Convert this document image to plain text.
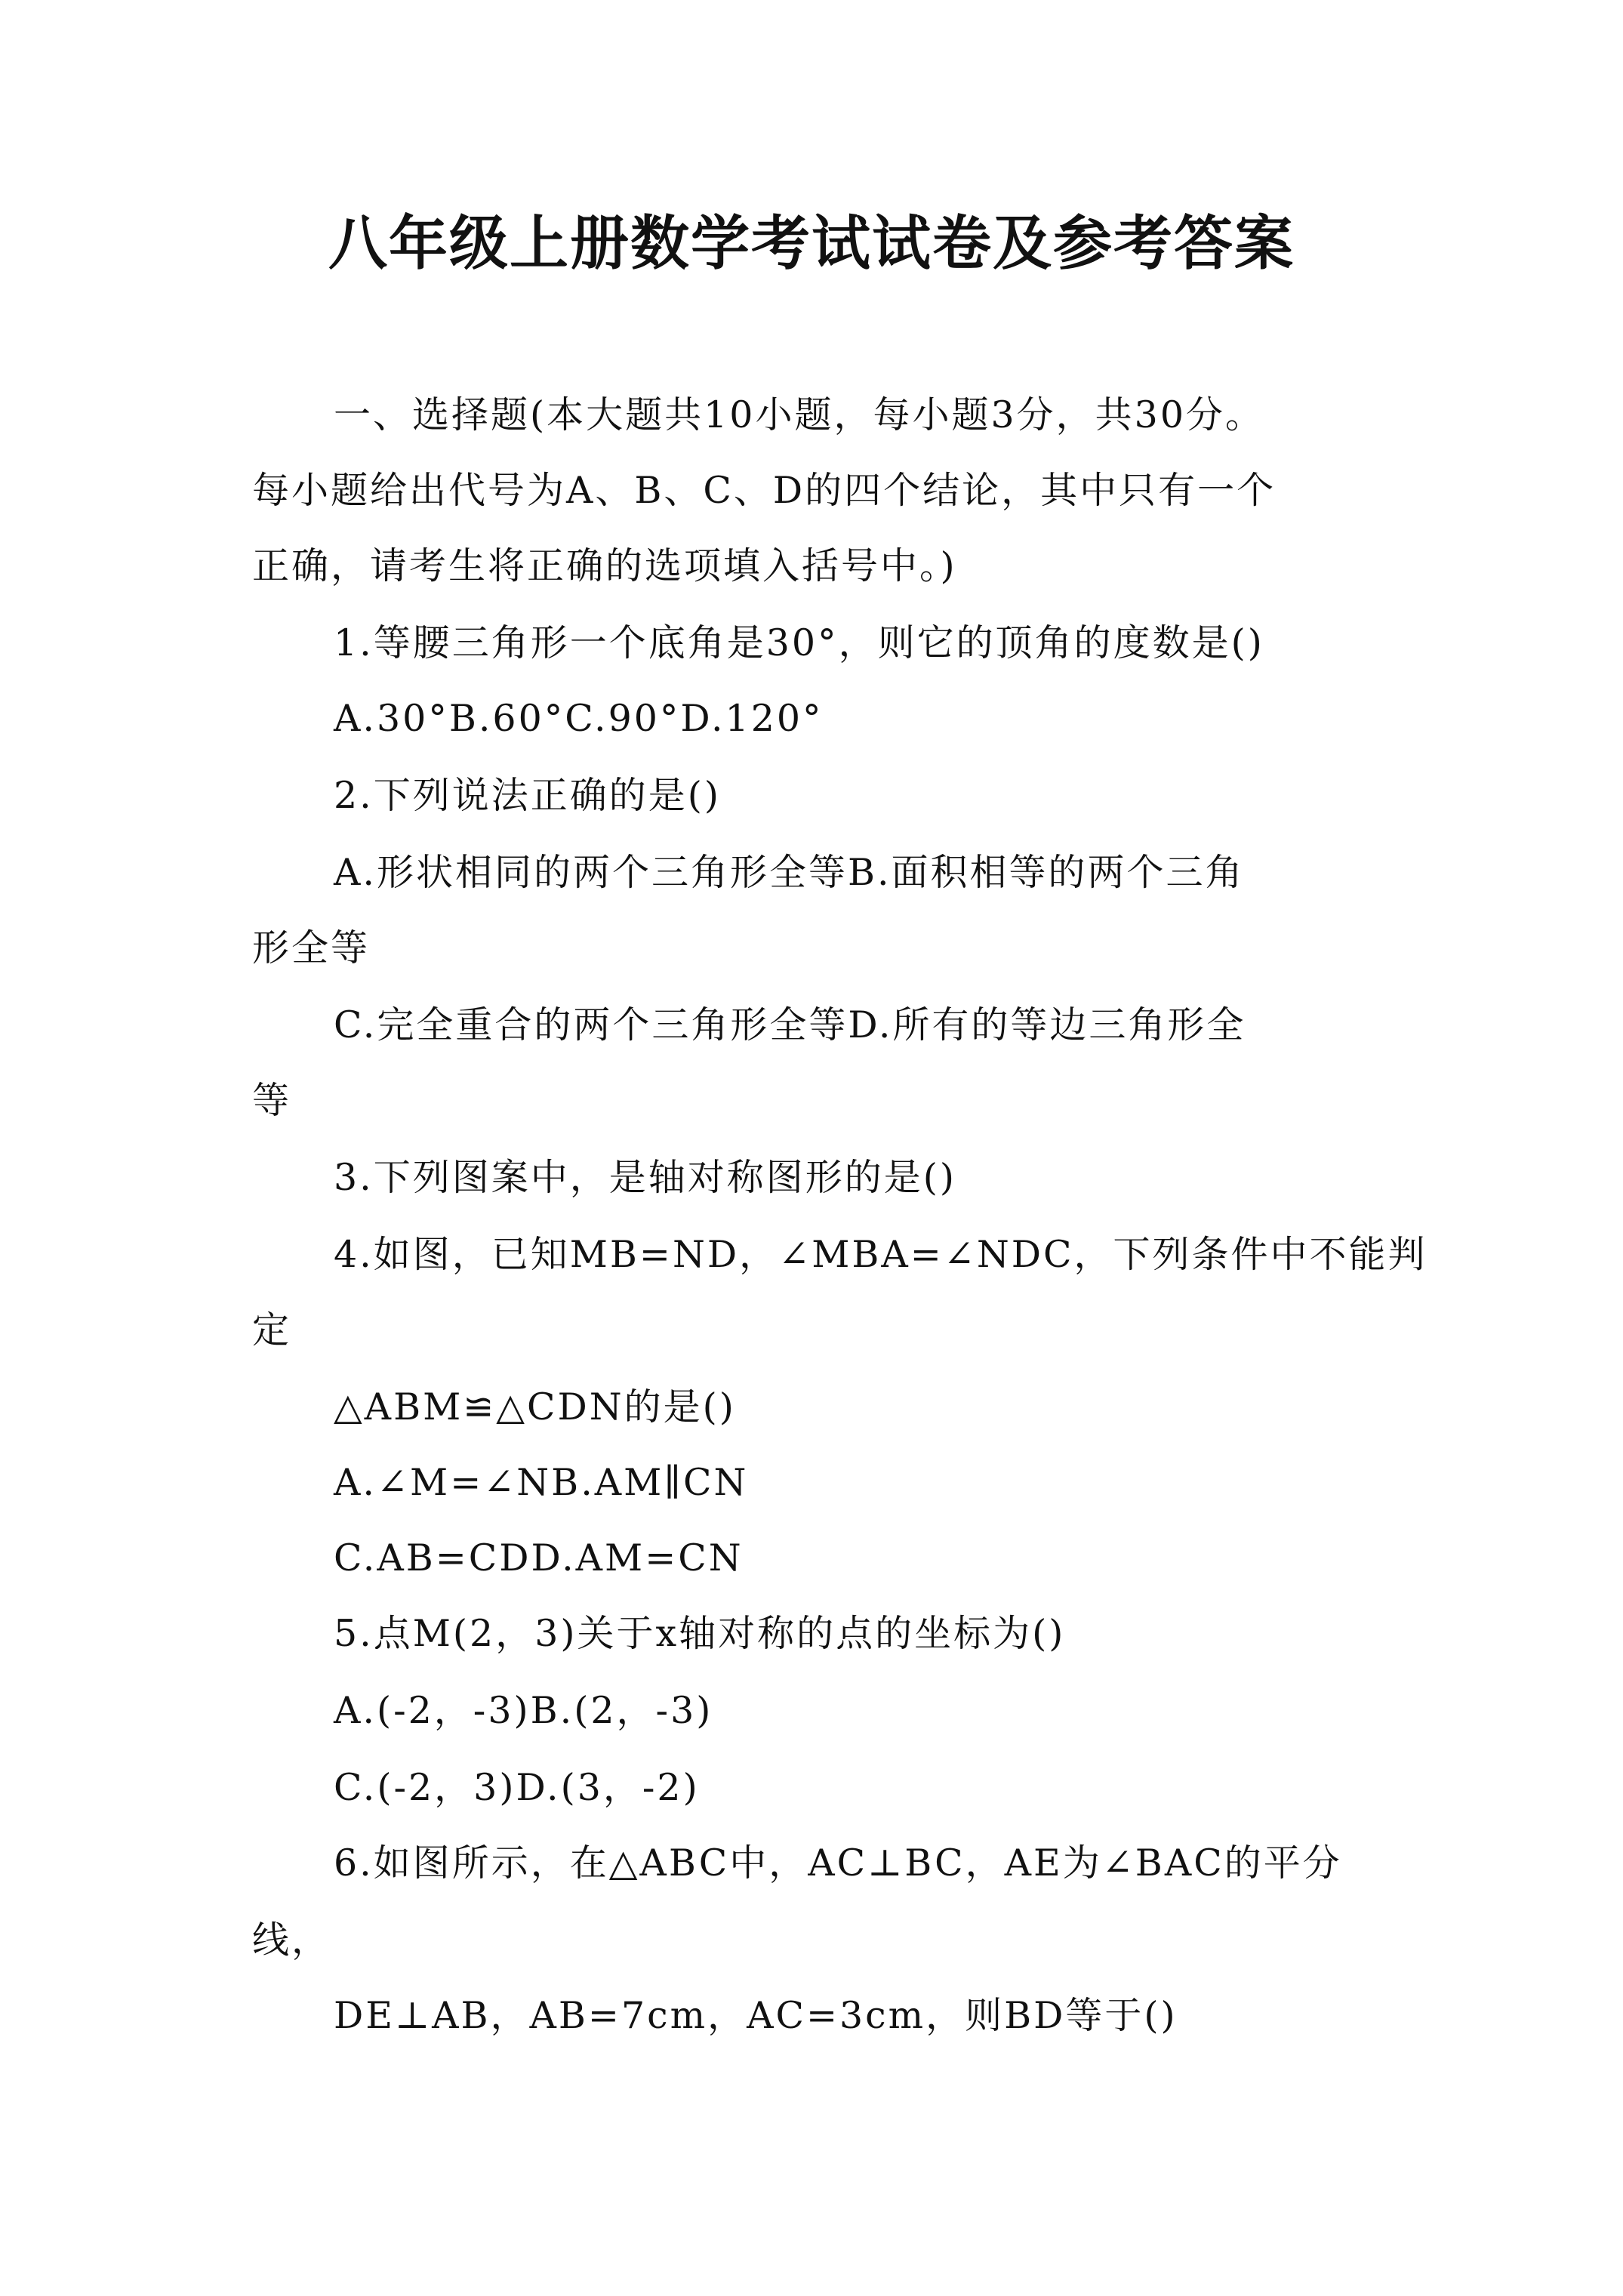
八年级上册数学考试试卷及参考答案

一、选择题(本大题共10小题，每小题3分，共30分。

每小题给出代号为A、B、C、D的四个结论，其中只有一个

正确，请考生将正确的选项填入括号中。)

1.等腰三角形一个底角是30°，则它的顶角的度数是()

A.30°B.60°C.90°D.120°

2.下列说法正确的是()

A.形状相同的两个三角形全等B.面积相等的两个三角

形全等

C.完全重合的两个三角形全等D.所有的等边三角形全

等

3.下列图案中，是轴对称图形的是()

4.如图，已知MB=ND，∠MBA=∠NDC，下列条件中不能判

定

△ABM≌△CDN的是()

A.∠M=∠NB.AM∥CN

C.AB=CDD.AM=CN

5.点M(2，3)关于x轴对称的点的坐标为()

A.(-2，-3)B.(2，-3)

C.(-2，3)D.(3，-2)

6.如图所示，在△ABC中，AC⊥BC，AE为∠BAC的平分

线，

DE⊥AB，AB=7cm，AC=3cm，则BD等于()
